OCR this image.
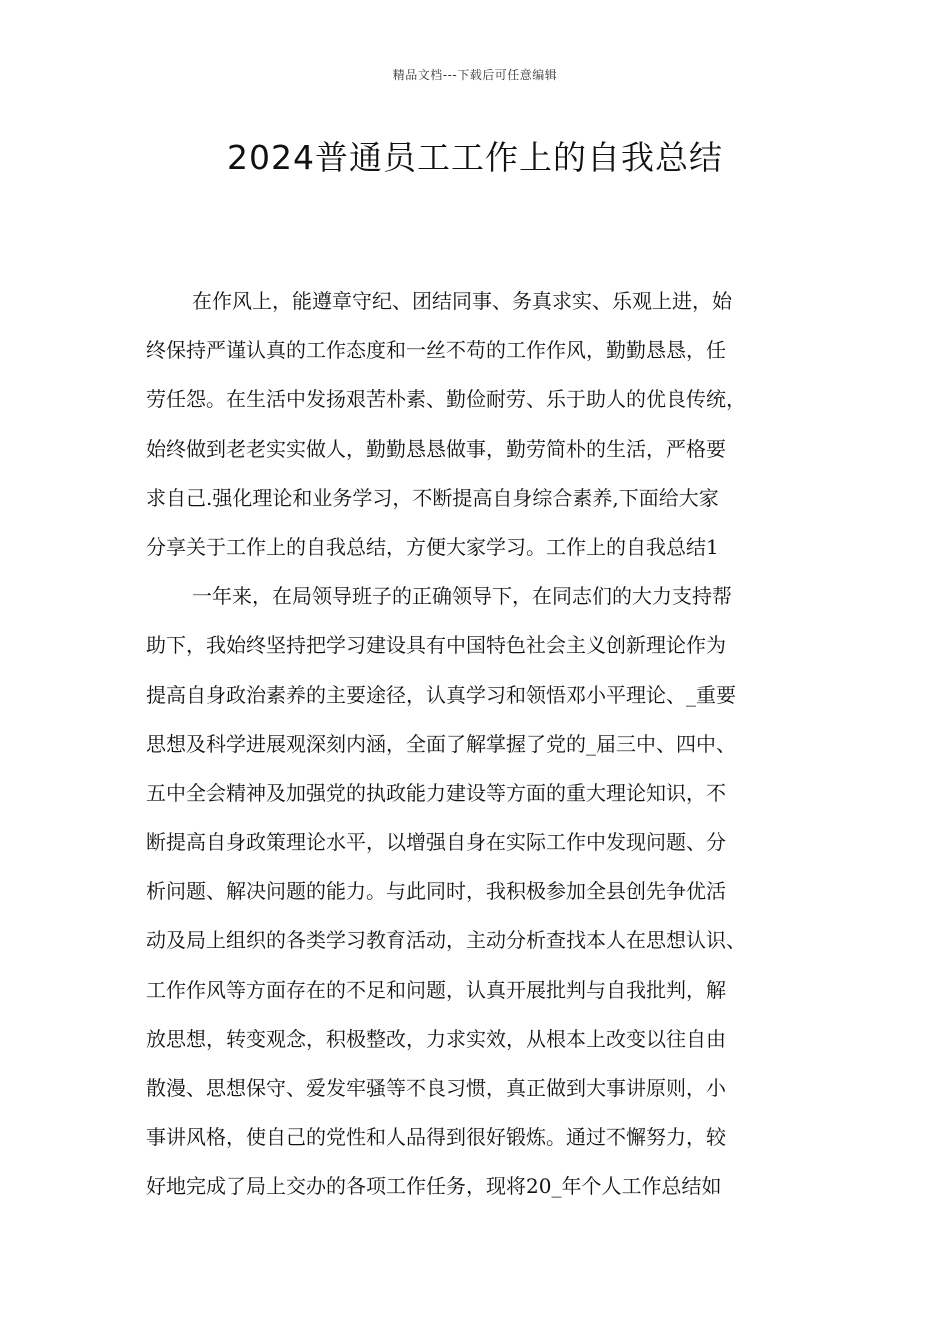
精品文档---下载后可任意编辑
2024普通员工工作上的自我总结
在作风上，能遵章守纪、团结同事、务真求实、乐观上进，始
终保持严谨认真的工作态度和一丝不苟的工作作风，勤勤恳恳，任
劳任怨。在生活中发扬艰苦朴素、勤俭耐劳、乐于助人的优良传统，
始终做到老老实实做人，勤勤恳恳做事，勤劳简朴的生活，严格要
求自己.强化理论和业务学习，不断提高自身综合素养,下面给大家
分享关于工作上的自我总结，方便大家学习。工作上的自我总结1
一年来，在局领导班子的正确领导下，在同志们的大力支持帮
助下，我始终坚持把学习建设具有中国特色社会主义创新理论作为
提高自身政治素养的主要途径，认真学习和领悟邓小平理论、_重要
思想及科学进展观深刻内涵，全面了解掌握了党的_届三中、四中、
五中全会精神及加强党的执政能力建设等方面的重大理论知识，不
断提高自身政策理论水平，以增强自身在实际工作中发现问题、分
析问题、解决问题的能力。与此同时，我积极参加全县创先争优活
动及局上组织的各类学习教育活动，主动分析查找本人在思想认识、
工作作风等方面存在的不足和问题，认真开展批判与自我批判，解
放思想，转变观念，积极整改，力求实效，从根本上改变以往自由
散漫、思想保守、爱发牢骚等不良习惯，真正做到大事讲原则，小
事讲风格，使自己的党性和人品得到很好锻炼。通过不懈努力，较
好地完成了局上交办的各项工作任务，现将20_年个人工作总结如
